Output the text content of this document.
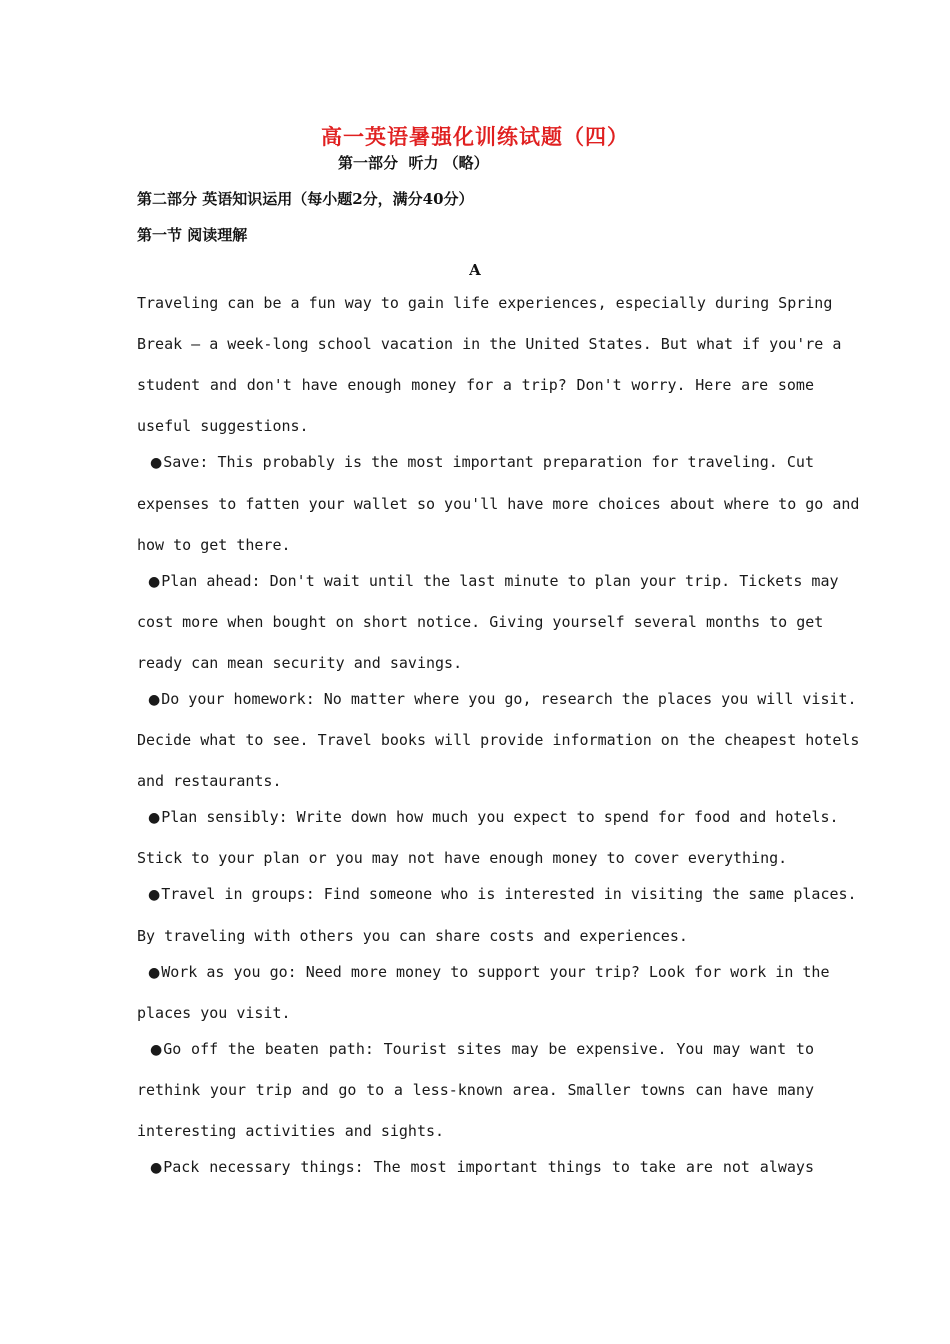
高一英语暑强化训练试题（四）
第一部分  听力 （略）
第二部分 英语知识运用（每小题2分，满分40分）
第一节 阅读理解
A
Traveling can be a fun way to gain life experiences, especially during Spring
Break — a week-long school vacation in the United States. But what if you're a
student and don't have enough money for a trip? Don't worry. Here are some
useful suggestions.
●Save: This probably is the most important preparation for traveling. Cut
expenses to fatten your wallet so you'll have more choices about where to go and
how to get there.
●Plan ahead: Don't wait until the last minute to plan your trip. Tickets may
cost more when bought on short notice. Giving yourself several months to get
ready can mean security and savings.
●Do your homework: No matter where you go, research the places you will visit.
Decide what to see. Travel books will provide information on the cheapest hotels
and restaurants.
●Plan sensibly: Write down how much you expect to spend for food and hotels.
Stick to your plan or you may not have enough money to cover everything.
●Travel in groups: Find someone who is interested in visiting the same places.
By traveling with others you can share costs and experiences.
●Work as you go: Need more money to support your trip? Look for work in the
places you visit.
●Go off the beaten path: Tourist sites may be expensive. You may want to
rethink your trip and go to a less-known area. Smaller towns can have many
interesting activities and sights.
●Pack necessary things: The most important things to take are not always
